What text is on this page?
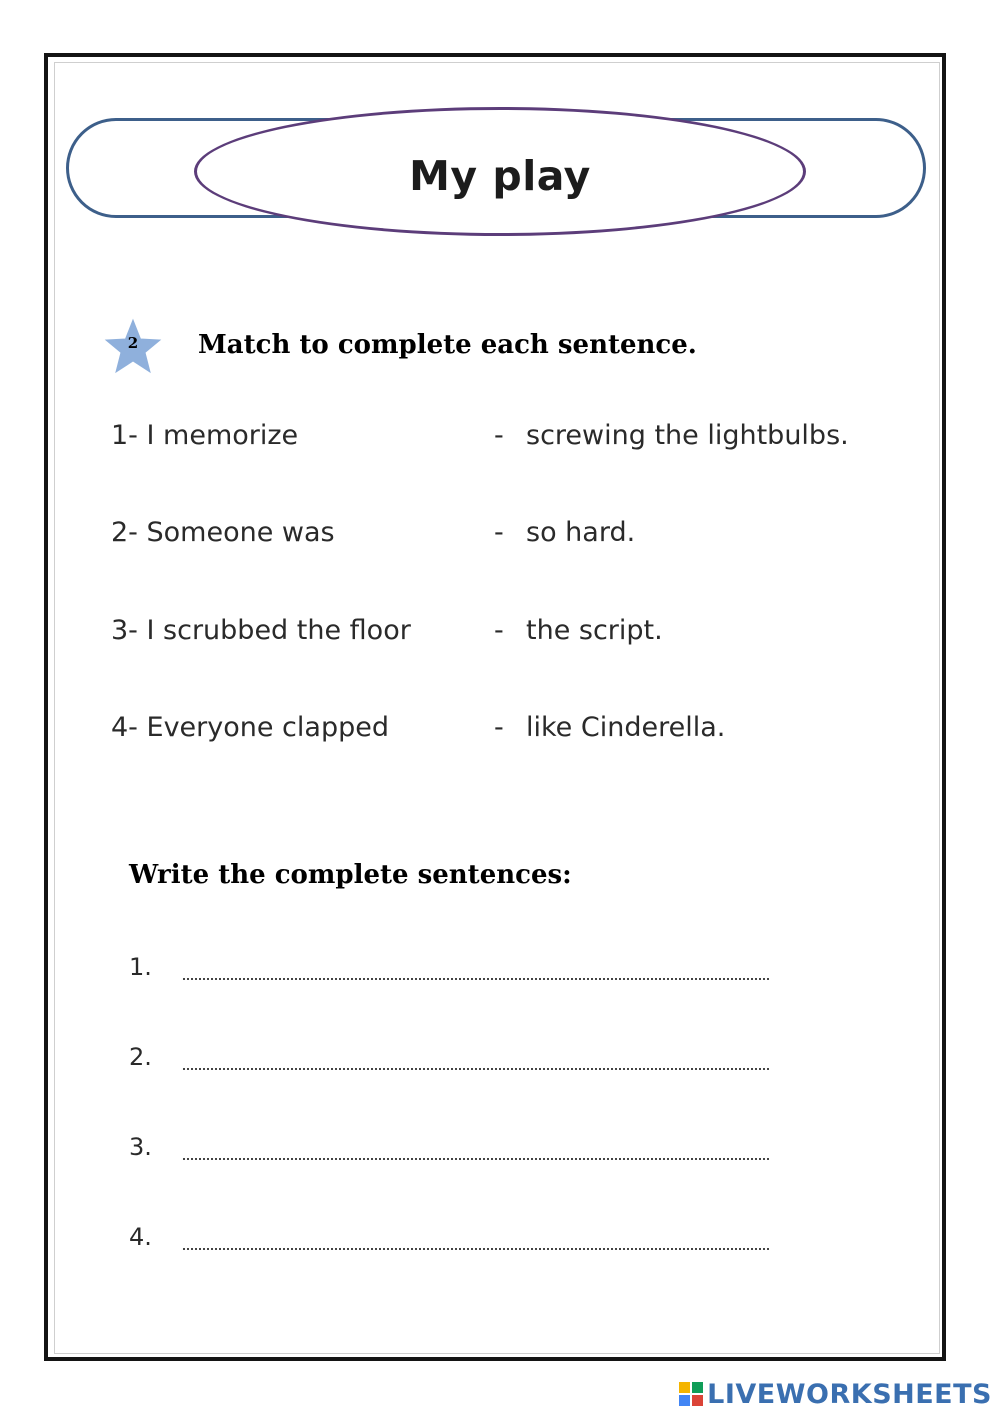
My play
2	Match to complete each sentence.
1- I memorize
2- Someone was
3- I scrubbed the floor
4- Everyone clapped
- screwing the lightbulbs.
- so hard.
- the script.
- like Cinderella.
Write the complete sentences:
1.
2.
3.
4.
LIVEWORKSHEETS
